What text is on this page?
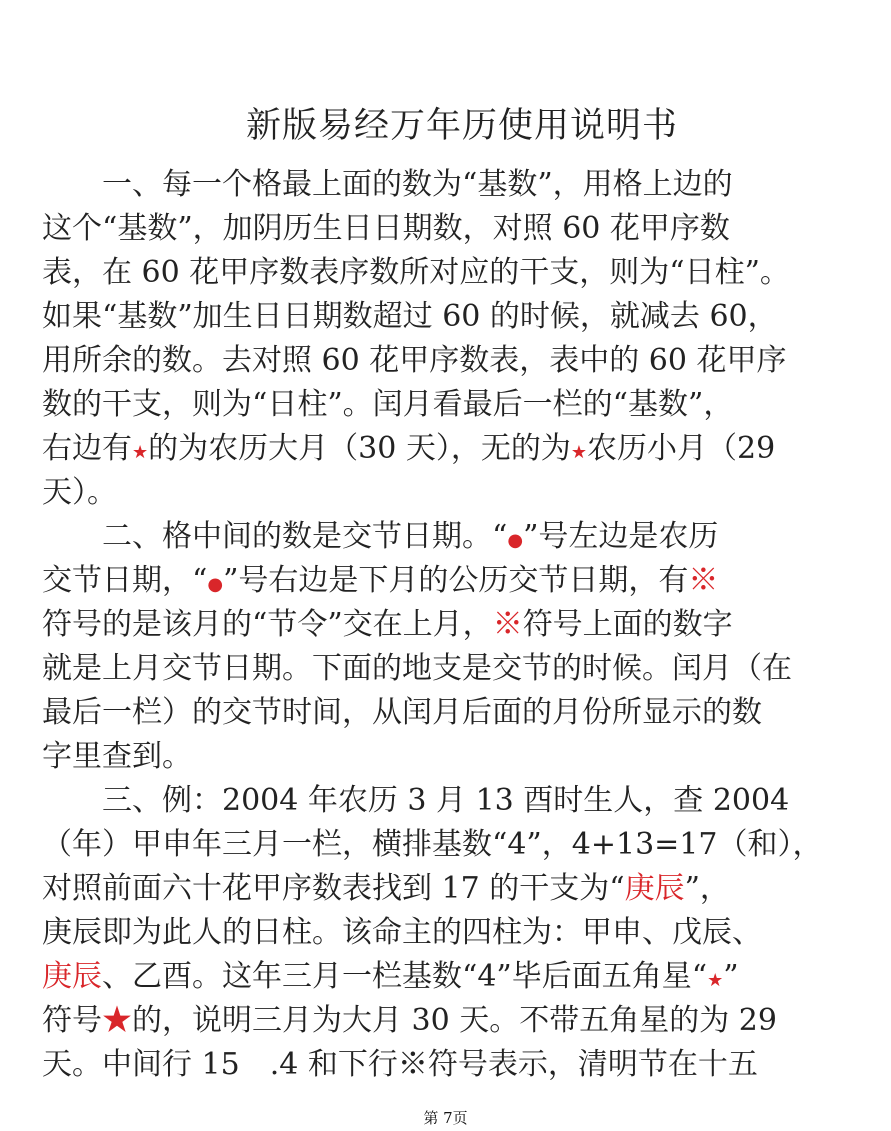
新版易经万年历使用说明书
　　一、每一个格最上面的数为“基数”，用格上边的
这个“基数”，加阴历生日日期数，对照 60 花甲序数
表，在 60 花甲序数表序数所对应的干支，则为“日柱”。
如果“基数”加生日日期数超过 60 的时候，就减去 60，
用所余的数。去对照 60 花甲序数表，表中的 60 花甲序
数的干支，则为“日柱”。闰月看最后一栏的“基数”，
右边有★的为农历大月（30 天），无的为★农历小月（29
天）。
　　二、格中间的数是交节日期。“●”号左边是农历
交节日期，“●”号右边是下月的公历交节日期，有※
符号的是该月的“节令”交在上月，※符号上面的数字
就是上月交节日期。下面的地支是交节的时候。闰月（在
最后一栏）的交节时间，从闰月后面的月份所显示的数
字里查到。
　　三、例：2004 年农历 3 月 13 酉时生人，查 2004
（年）甲申年三月一栏，横排基数“4”，4+13=17（和），
对照前面六十花甲序数表找到 17 的干支为“庚辰”，
庚辰即为此人的日柱。该命主的四柱为：甲申、戊辰、
庚辰、乙酉。这年三月一栏基数“4”毕后面五角星“★”
符号★的，说明三月为大月 30 天。不带五角星的为 29
天。中间行 15　.4 和下行※符号表示，清明节在十五
第 7页
